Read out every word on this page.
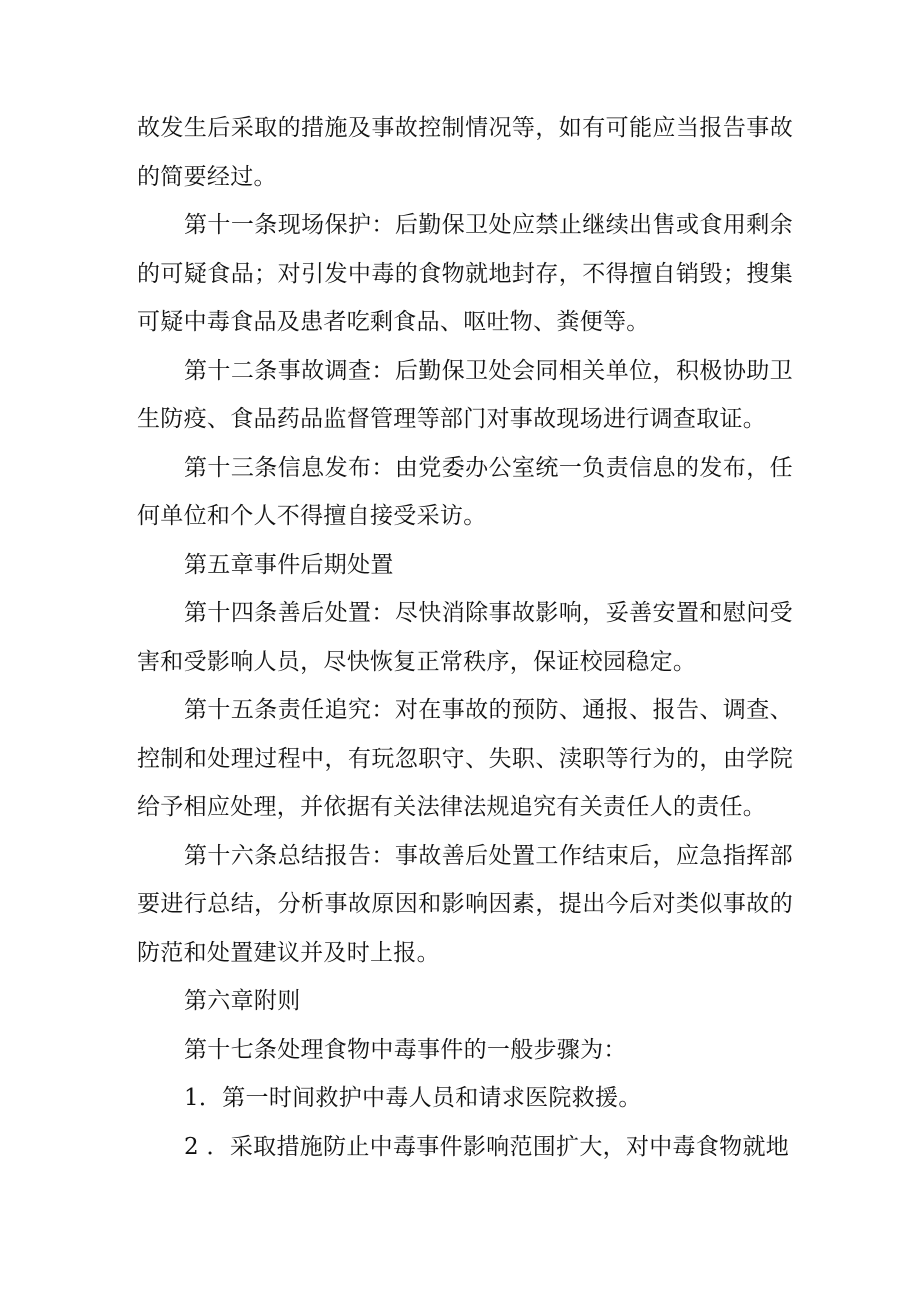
故发生后采取的措施及事故控制情况等，如有可能应当报告事故的简要经过。

第十一条现场保护：后勤保卫处应禁止继续出售或食用剩余的可疑食品；对引发中毒的食物就地封存，不得擅自销毁；搜集可疑中毒食品及患者吃剩食品、呕吐物、粪便等。

第十二条事故调查：后勤保卫处会同相关单位，积极协助卫生防疫、食品药品监督管理等部门对事故现场进行调查取证。

第十三条信息发布：由党委办公室统一负责信息的发布，任何单位和个人不得擅自接受采访。

第五章事件后期处置

第十四条善后处置：尽快消除事故影响，妥善安置和慰问受害和受影响人员，尽快恢复正常秩序，保证校园稳定。

第十五条责任追究：对在事故的预防、通报、报告、调查、控制和处理过程中，有玩忽职守、失职、渎职等行为的，由学院给予相应处理，并依据有关法律法规追究有关责任人的责任。

第十六条总结报告：事故善后处置工作结束后，应急指挥部要进行总结，分析事故原因和影响因素，提出今后对类似事故的防范和处置建议并及时上报。

第六章附则

第十七条处理食物中毒事件的一般步骤为：

1．第一时间救护中毒人员和请求医院救援。

2 ．采取措施防止中毒事件影响范围扩大，对中毒食物就地
